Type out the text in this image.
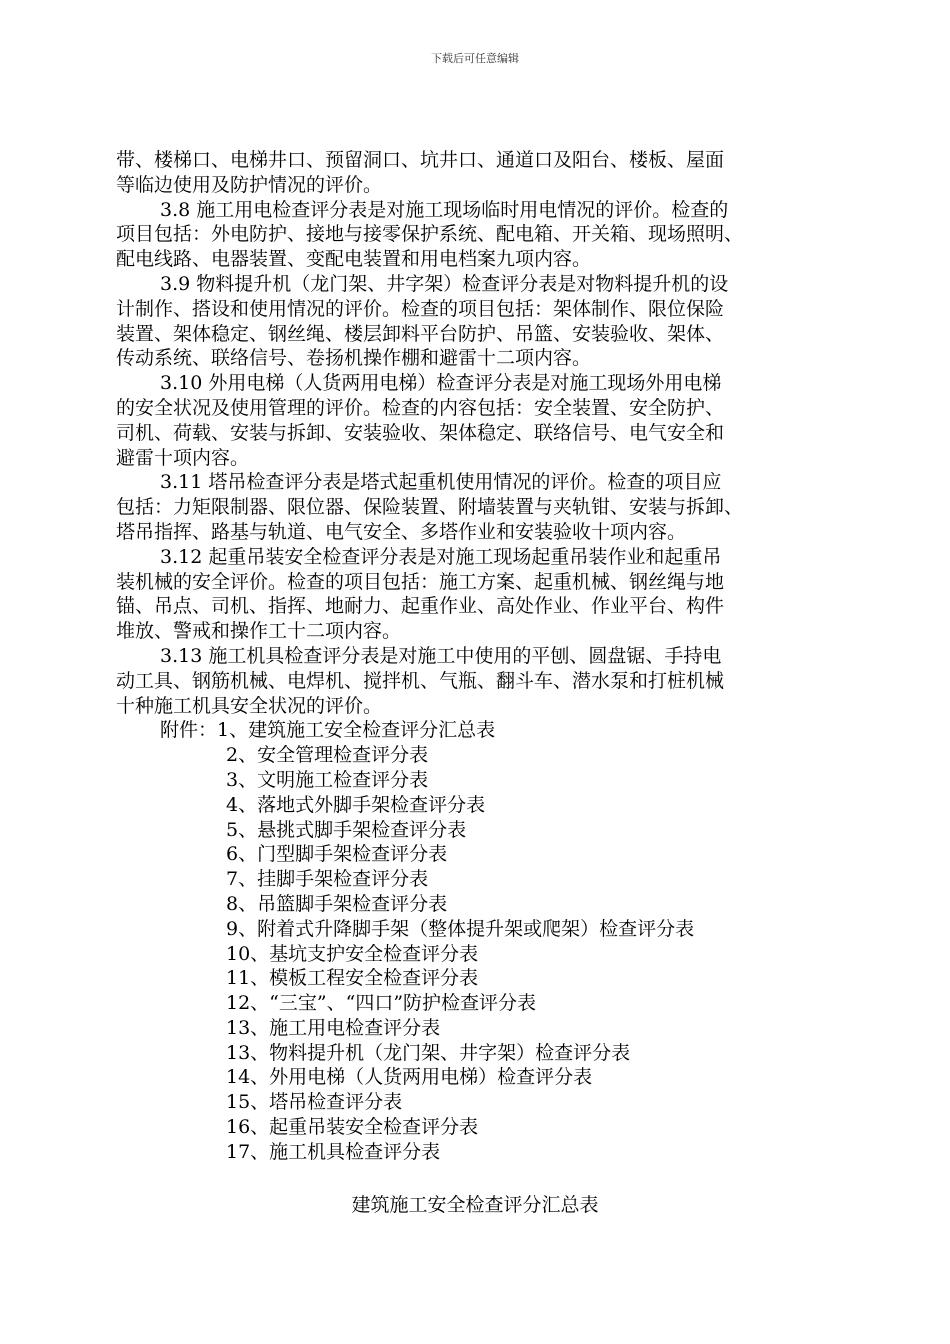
下载后可任意编辑
带、楼梯口、电梯井口、预留洞口、坑井口、通道口及阳台、楼板、屋面
等临边使用及防护情况的评价。
3.8 施工用电检查评分表是对施工现场临时用电情况的评价。检查的
项目包括：外电防护、接地与接零保护系统、配电箱、开关箱、现场照明、
配电线路、电器装置、变配电装置和用电档案九项内容。
3.9 物料提升机（龙门架、井字架）检查评分表是对物料提升机的设
计制作、搭设和使用情况的评价。检查的项目包括：架体制作、限位保险
装置、架体稳定、钢丝绳、楼层卸料平台防护、吊篮、安装验收、架体、
传动系统、联络信号、卷扬机操作棚和避雷十二项内容。
3.10 外用电梯（人货两用电梯）检查评分表是对施工现场外用电梯
的安全状况及使用管理的评价。检查的内容包括：安全装置、安全防护、
司机、荷载、安装与拆卸、安装验收、架体稳定、联络信号、电气安全和
避雷十项内容。
3.11 塔吊检查评分表是塔式起重机使用情况的评价。检查的项目应
包括：力矩限制器、限位器、保险装置、附墙装置与夹轨钳、安装与拆卸、
塔吊指挥、路基与轨道、电气安全、多塔作业和安装验收十项内容。
3.12 起重吊装安全检查评分表是对施工现场起重吊装作业和起重吊
装机械的安全评价。检查的项目包括：施工方案、起重机械、钢丝绳与地
锚、吊点、司机、指挥、地耐力、起重作业、高处作业、作业平台、构件
堆放、警戒和操作工十二项内容。
3.13 施工机具检查评分表是对施工中使用的平刨、圆盘锯、手持电
动工具、钢筋机械、电焊机、搅拌机、气瓶、翻斗车、潜水泵和打桩机械
十种施工机具安全状况的评价。
附件：1、建筑施工安全检查评分汇总表
2、安全管理检查评分表
3、文明施工检查评分表
4、落地式外脚手架检查评分表
5、悬挑式脚手架检查评分表
6、门型脚手架检查评分表
7、挂脚手架检查评分表
8、吊篮脚手架检查评分表
9、附着式升降脚手架（整体提升架或爬架）检查评分表
10、基坑支护安全检查评分表
11、模板工程安全检查评分表
12、“三宝”、“四口”防护检查评分表
13、施工用电检查评分表
13、物料提升机（龙门架、井字架）检查评分表
14、外用电梯（人货两用电梯）检查评分表
15、塔吊检查评分表
16、起重吊装安全检查评分表
17、施工机具检查评分表
建筑施工安全检查评分汇总表
